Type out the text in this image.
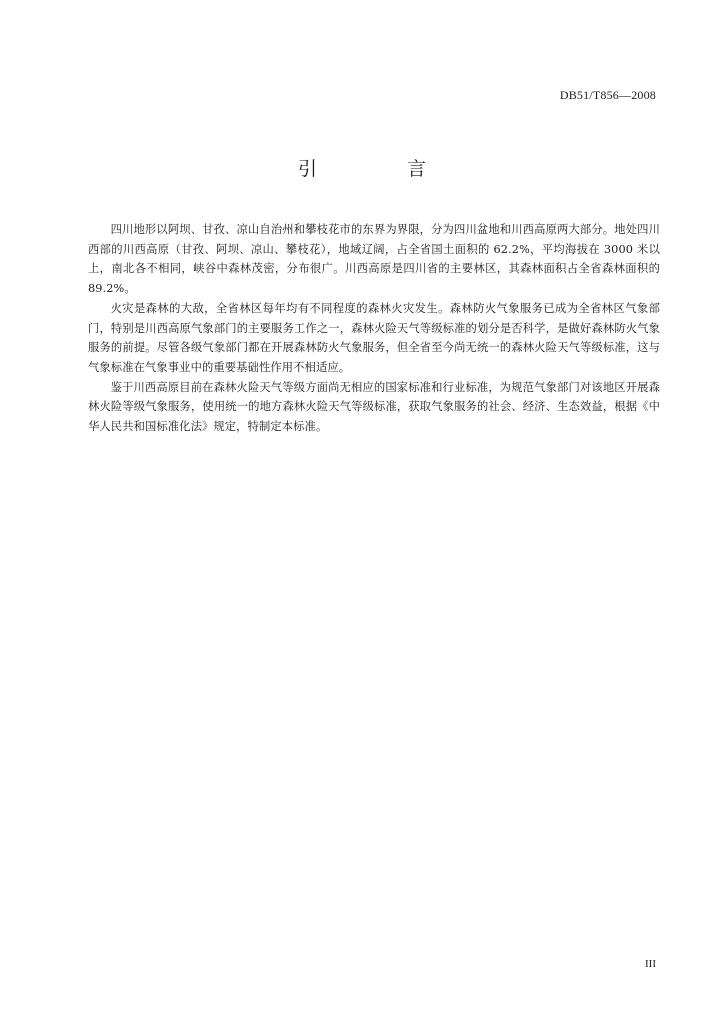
DB51/T856—2008
引 言

四川地形以阿坝、甘孜、凉山自治州和攀枝花市的东界为界限，分为四川盆地和川西高原两大部分。地处四川西部的川西高原（甘孜、阿坝、凉山、攀枝花），地域辽阔，占全省国土面积的 62.2%，平均海拔在 3000 米以上，南北各不相同，峡谷中森林茂密，分布很广。川西高原是四川省的主要林区，其森林面积占全省森林面积的 89.2%。

火灾是森林的大敌，全省林区每年均有不同程度的森林火灾发生。森林防火气象服务已成为全省林区气象部门，特别是川西高原气象部门的主要服务工作之一，森林火险天气等级标准的划分是否科学，是做好森林防火气象服务的前提。尽管各级气象部门都在开展森林防火气象服务，但全省至今尚无统一的森林火险天气等级标准，这与气象标准在气象事业中的重要基础性作用不相适应。

鉴于川西高原目前在森林火险天气等级方面尚无相应的国家标准和行业标准，为规范气象部门对该地区开展森林火险等级气象服务，使用统一的地方森林火险天气等级标准，获取气象服务的社会、经济、生态效益，根据《中华人民共和国标准化法》规定，特制定本标准。

III
